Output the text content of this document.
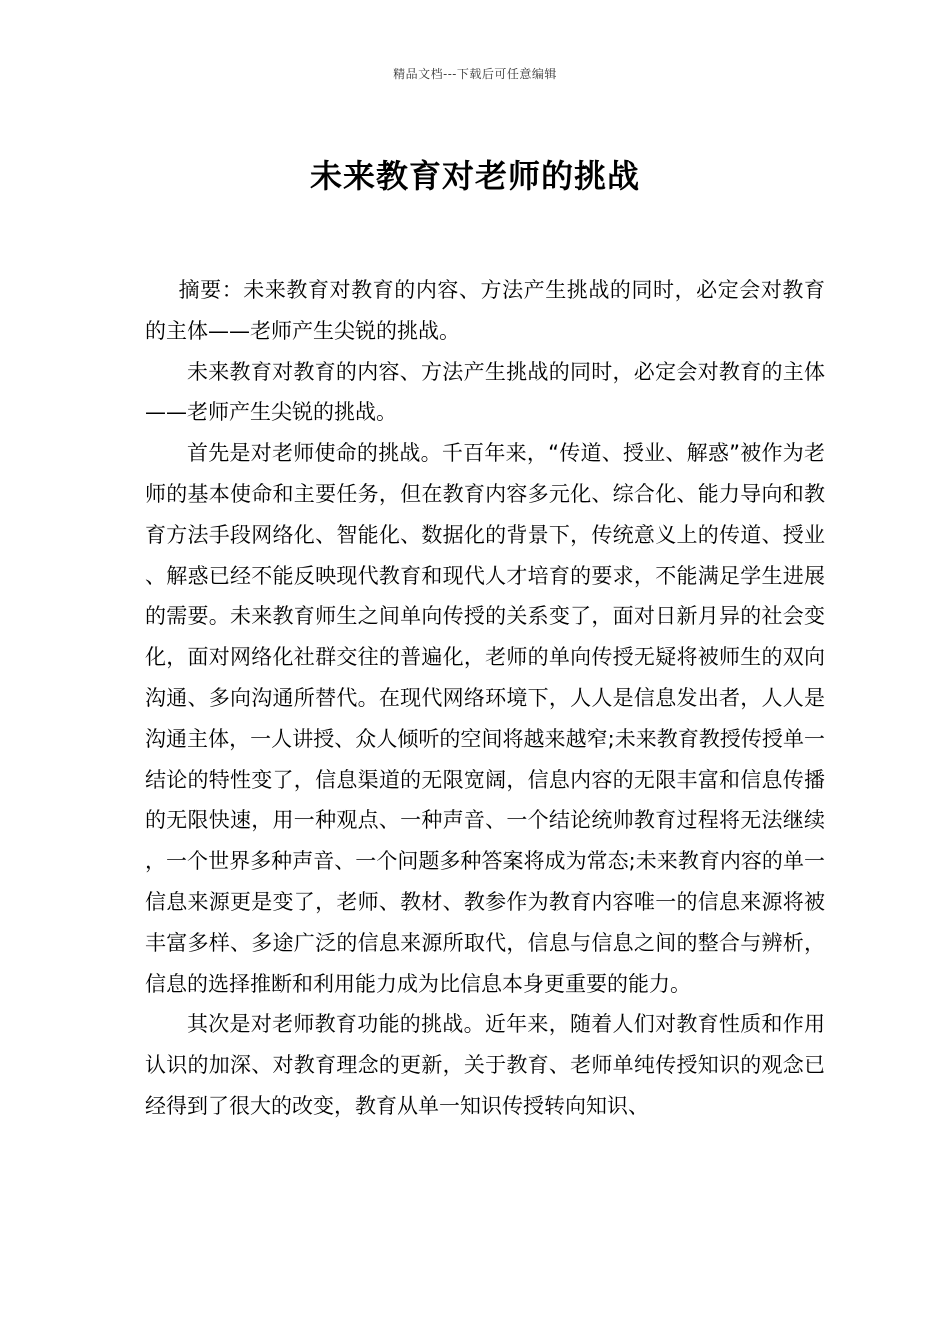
精品文档---下载后可任意编辑
未来教育对老师的挑战

摘要：未来教育对教育的内容、方法产生挑战的同时，必定会对教育的主体——老师产生尖锐的挑战。

未来教育对教育的内容、方法产生挑战的同时，必定会对教育的主体——老师产生尖锐的挑战。

首先是对老师使命的挑战。千百年来，“传道、授业、解惑”被作为老师的基本使命和主要任务，但在教育内容多元化、综合化、能力导向和教育方法手段网络化、智能化、数据化的背景下，传统意义上的传道、授业、解惑已经不能反映现代教育和现代人才培育的要求，不能满足学生进展的需要。未来教育师生之间单向传授的关系变了，面对日新月异的社会变化，面对网络化社群交往的普遍化，老师的单向传授无疑将被师生的双向沟通、多向沟通所替代。在现代网络环境下，人人是信息发出者，人人是沟通主体，一人讲授、众人倾听的空间将越来越窄;未来教育教授传授单一结论的特性变了，信息渠道的无限宽阔，信息内容的无限丰富和信息传播的无限快速，用一种观点、一种声音、一个结论统帅教育过程将无法继续，一个世界多种声音、一个问题多种答案将成为常态;未来教育内容的单一信息来源更是变了，老师、教材、教参作为教育内容唯一的信息来源将被丰富多样、多途广泛的信息来源所取代，信息与信息之间的整合与辨析，信息的选择推断和利用能力成为比信息本身更重要的能力。

其次是对老师教育功能的挑战。近年来，随着人们对教育性质和作用认识的加深、对教育理念的更新，关于教育、老师单纯传授知识的观念已经得到了很大的改变，教育从单一知识传授转向知识、
